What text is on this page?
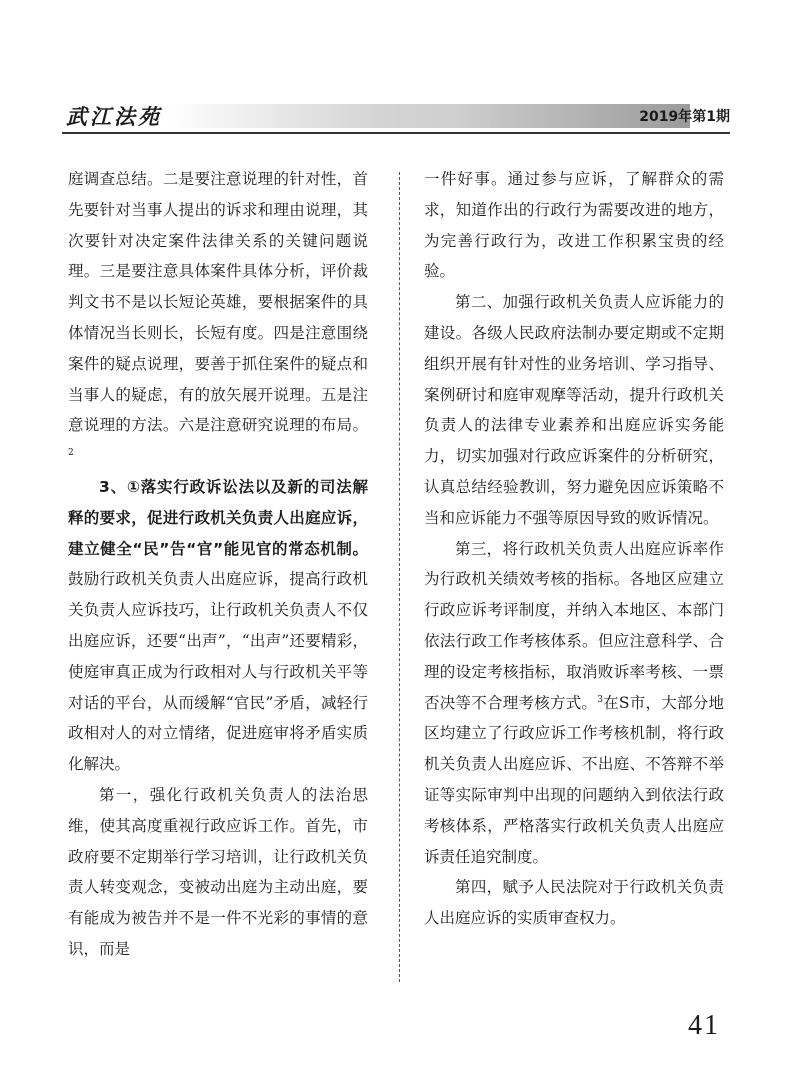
武江法苑	2019年第1期

庭调查总结。二是要注意说理的针对性，首先要针对当事人提出的诉求和理由说理，其次要针对决定案件法律关系的关键问题说理。三是要注意具体案件具体分析，评价裁判文书不是以长短论英雄，要根据案件的具体情况当长则长，长短有度。四是注意围绕案件的疑点说理，要善于抓住案件的疑点和当事人的疑虑，有的放矢展开说理。五是注意说理的方法。六是注意研究说理的布局。$^2$

3、①落实行政诉讼法以及新的司法解释的要求，促进行政机关负责人出庭应诉，建立健全“民”告“官”能见官的常态机制。鼓励行政机关负责人出庭应诉，提高行政机关负责人应诉技巧，让行政机关负责人不仅出庭应诉，还要“出声”，“出声”还要精彩，使庭审真正成为行政相对人与行政机关平等对话的平台，从而缓解“官民”矛盾，减轻行政相对人的对立情绪，促进庭审将矛盾实质化解决。

第一，强化行政机关负责人的法治思维，使其高度重视行政应诉工作。首先，市政府要不定期举行学习培训，让行政机关负责人转变观念，变被动出庭为主动出庭，要有能成为被告并不是一件不光彩的事情的意识，而是

一件好事。通过参与应诉，了解群众的需求，知道作出的行政行为需要改进的地方，为完善行政行为，改进工作积累宝贵的经验。

第二、加强行政机关负责人应诉能力的建设。各级人民政府法制办要定期或不定期组织开展有针对性的业务培训、学习指导、案例研讨和庭审观摩等活动，提升行政机关负责人的法律专业素养和出庭应诉实务能力，切实加强对行政应诉案件的分析研究，认真总结经验教训，努力避免因应诉策略不当和应诉能力不强等原因导致的败诉情况。

第三，将行政机关负责人出庭应诉率作为行政机关绩效考核的指标。各地区应建立行政应诉考评制度，并纳入本地区、本部门依法行政工作考核体系。但应注意科学、合理的设定考核指标，取消败诉率考核、一票否决等不合理考核方式。$^3$在S市，大部分地区均建立了行政应诉工作考核机制，将行政机关负责人出庭应诉、不出庭、不答辩不举证等实际审判中出现的问题纳入到依法行政考核体系，严格落实行政机关负责人出庭应诉责任追究制度。

第四，赋予人民法院对于行政机关负责人出庭应诉的实质审查权力。

41
